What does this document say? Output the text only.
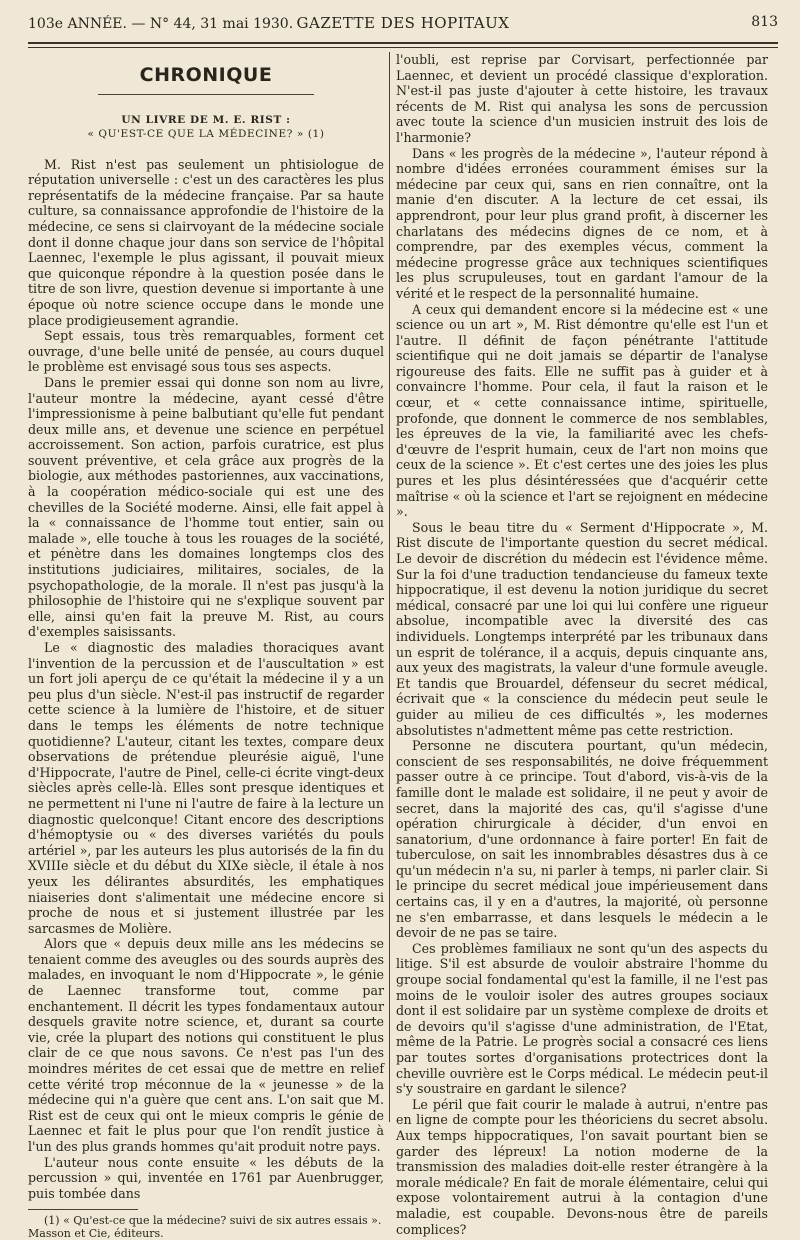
103e ANNÉE. — N° 44, 31 mai 1930. GAZETTE DES HOPITAUX	813
CHRONIQUE
UN LIVRE DE M. E. RIST :
« QU'EST-CE QUE LA MÉDECINE? » (1)

M. Rist n'est pas seulement un phtisiologue de réputation universelle : c'est un des caractères les plus représentatifs de la médecine française. Par sa haute culture, sa connaissance approfondie de l'histoire de la médecine, ce sens si clairvoyant de la médecine sociale dont il donne chaque jour dans son service de l'hôpital Laennec, l'exemple le plus agissant, il pouvait mieux que quiconque répondre à la question posée dans le titre de son livre, question devenue si importante à une époque où notre science occupe dans le monde une place prodigieusement agrandie.

Sept essais, tous très remarquables, forment cet ouvrage, d'une belle unité de pensée, au cours duquel le problème est envisagé sous tous ses aspects.

Dans le premier essai qui donne son nom au livre, l'auteur montre la médecine, ayant cessé d'être l'impressionisme à peine balbutiant qu'elle fut pendant deux mille ans, et devenue une science en perpétuel accroissement. Son action, parfois curatrice, est plus souvent préventive, et cela grâce aux progrès de la biologie, aux méthodes pastoriennes, aux vaccinations, à la coopération médico-sociale qui est une des chevilles de la Société moderne. Ainsi, elle fait appel à la « connaissance de l'homme tout entier, sain ou malade », elle touche à tous les rouages de la société, et pénètre dans les domaines longtemps clos des institutions judiciaires, militaires, sociales, de la psychopathologie, de la morale. Il n'est pas jusqu'à la philosophie de l'histoire qui ne s'explique souvent par elle, ainsi qu'en fait la preuve M. Rist, au cours d'exemples saisissants.

Le « diagnostic des maladies thoraciques avant l'invention de la percussion et de l'auscultation » est un fort joli aperçu de ce qu'était la médecine il y a un peu plus d'un siècle. N'est-il pas instructif de regarder cette science à la lumière de l'histoire, et de situer dans le temps les éléments de notre technique quotidienne? L'auteur, citant les textes, compare deux observations de prétendue pleurésie aiguë, l'une d'Hippocrate, l'autre de Pinel, celle-ci écrite vingt-deux siècles après celle-là. Elles sont presque identiques et ne permettent ni l'une ni l'autre de faire à la lecture un diagnostic quelconque! Citant encore des descriptions d'hémoptysie ou « des diverses variétés du pouls artériel », par les auteurs les plus autorisés de la fin du XVIIIe siècle et du début du XIXe siècle, il étale à nos yeux les délirantes absurdités, les emphatiques niaiseries dont s'alimentait une médecine encore si proche de nous et si justement illustrée par les sarcasmes de Molière.

Alors que « depuis deux mille ans les médecins se tenaient comme des aveugles ou des sourds auprès des malades, en invoquant le nom d'Hippocrate », le génie de Laennec transforme tout, comme par enchantement. Il décrit les types fondamentaux autour desquels gravite notre science, et, durant sa courte vie, crée la plupart des notions qui constituent le plus clair de ce que nous savons. Ce n'est pas l'un des moindres mérites de cet essai que de mettre en relief cette vérité trop méconnue de la « jeunesse » de la médecine qui n'a guère que cent ans. L'on sait que M. Rist est de ceux qui ont le mieux compris le génie de Laennec et fait le plus pour que l'on rendît justice à l'un des plus grands hommes qu'ait produit notre pays.

L'auteur nous conte ensuite « les débuts de la percussion » qui, inventée en 1761 par Auenbrugger, puis tombée dans

(1) « Qu'est-ce que la médecine? suivi de six autres essais ». Masson et Cie, éditeurs.

l'oubli, est reprise par Corvisart, perfectionnée par Laennec, et devient un procédé classique d'exploration. N'est-il pas juste d'ajouter à cette histoire, les travaux récents de M. Rist qui analysa les sons de percussion avec toute la science d'un musicien instruit des lois de l'harmonie?

Dans « les progrès de la médecine », l'auteur répond à nombre d'idées erronées couramment émises sur la médecine par ceux qui, sans en rien connaître, ont la manie d'en discuter. A la lecture de cet essai, ils apprendront, pour leur plus grand profit, à discerner les charlatans des médecins dignes de ce nom, et à comprendre, par des exemples vécus, comment la médecine progresse grâce aux techniques scientifiques les plus scrupuleuses, tout en gardant l'amour de la vérité et le respect de la personnalité humaine.

A ceux qui demandent encore si la médecine est « une science ou un art », M. Rist démontre qu'elle est l'un et l'autre. Il définit de façon pénétrante l'attitude scientifique qui ne doit jamais se départir de l'analyse rigoureuse des faits. Elle ne suffit pas à guider et à convaincre l'homme. Pour cela, il faut la raison et le cœur, et « cette connaissance intime, spirituelle, profonde, que donnent le commerce de nos semblables, les épreuves de la vie, la familiarité avec les chefs-d'œuvre de l'esprit humain, ceux de l'art non moins que ceux de la science ». Et c'est certes une des joies les plus pures et les plus désintéressées que d'acquérir cette maîtrise « où la science et l'art se rejoignent en médecine ».

Sous le beau titre du « Serment d'Hippocrate », M. Rist discute de l'importante question du secret médical. Le devoir de discrétion du médecin est l'évidence même. Sur la foi d'une traduction tendancieuse du fameux texte hippocratique, il est devenu la notion juridique du secret médical, consacré par une loi qui lui confère une rigueur absolue, incompatible avec la diversité des cas individuels. Longtemps interprété par les tribunaux dans un esprit de tolérance, il a acquis, depuis cinquante ans, aux yeux des magistrats, la valeur d'une formule aveugle. Et tandis que Brouardel, défenseur du secret médical, écrivait que « la conscience du médecin peut seule le guider au milieu de ces difficultés », les modernes absolutistes n'admettent même pas cette restriction.

Personne ne discutera pourtant, qu'un médecin, conscient de ses responsabilités, ne doive fréquemment passer outre à ce principe. Tout d'abord, vis-à-vis de la famille dont le malade est solidaire, il ne peut y avoir de secret, dans la majorité des cas, qu'il s'agisse d'une opération chirurgicale à décider, d'un envoi en sanatorium, d'une ordonnance à faire porter! En fait de tuberculose, on sait les innombrables désastres dus à ce qu'un médecin n'a su, ni parler à temps, ni parler clair. Si le principe du secret médical joue impérieusement dans certains cas, il y en a d'autres, la majorité, où personne ne s'en embarrasse, et dans lesquels le médecin a le devoir de ne pas se taire.

Ces problèmes familiaux ne sont qu'un des aspects du litige. S'il est absurde de vouloir abstraire l'homme du groupe social fondamental qu'est la famille, il ne l'est pas moins de le vouloir isoler des autres groupes sociaux dont il est solidaire par un système complexe de droits et de devoirs qu'il s'agisse d'une administration, de l'Etat, même de la Patrie. Le progrès social a consacré ces liens par toutes sortes d'organisations protectrices dont la cheville ouvrière est le Corps médical. Le médecin peut-il s'y soustraire en gardant le silence?

Le péril que fait courir le malade à autrui, n'entre pas en ligne de compte pour les théoriciens du secret absolu. Aux temps hippocratiques, l'on savait pourtant bien se garder des lépreux! La notion moderne de la transmission des maladies doit-elle rester étrangère à la morale médicale? En fait de morale élémentaire, celui qui expose volontairement autrui à la contagion d'une maladie, est coupable. Devons-nous être de pareils complices?
